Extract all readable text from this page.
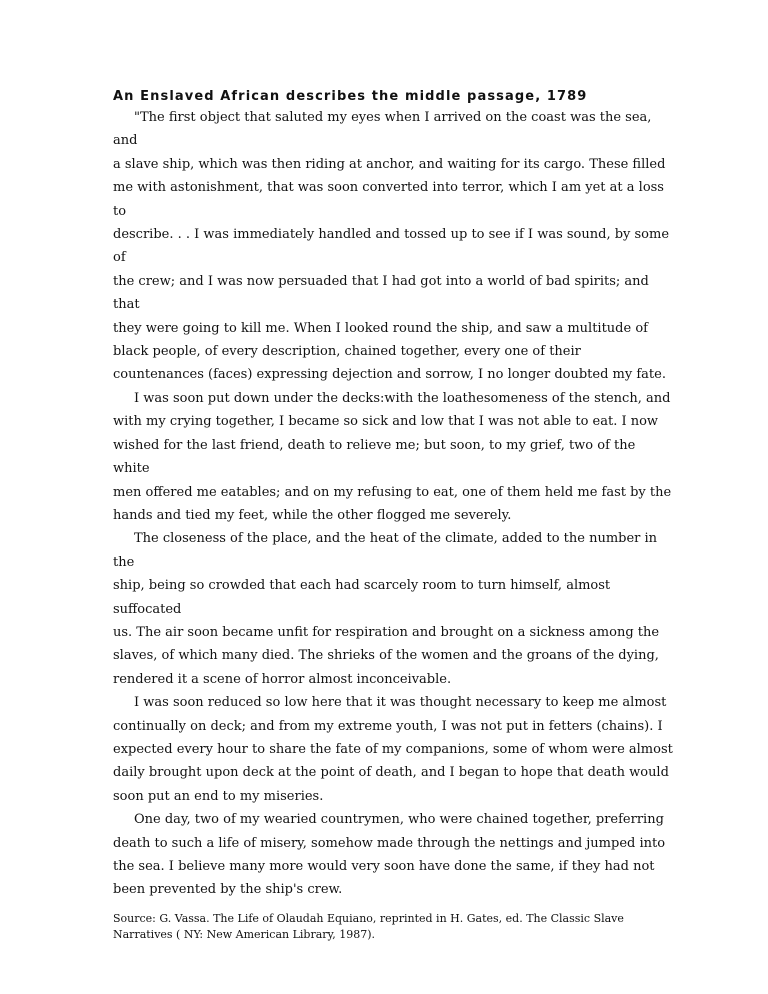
An Enslaved African describes the middle passage, 1789

"The first object that saluted my eyes when I arrived on the coast was the sea, and
a slave ship, which was then riding at anchor, and waiting for its cargo. These filled
me with astonishment, that was soon converted into terror, which I am yet at a loss to
describe. . . I was immediately handled and tossed up to see if I was sound, by some of
the crew; and I was now persuaded that I had got into a world of bad spirits; and that
they were going to kill me. When I looked round the ship, and saw a multitude of
black people, of every description, chained together, every one of their
countenances (faces) expressing dejection and sorrow, I no longer doubted my fate.

I was soon put down under the decks:with the loathesomeness of the stench, and
with my crying together, I became so sick and low that I was not able to eat. I now
wished for the last friend, death to relieve me; but soon, to my grief, two of the white
men offered me eatables; and on my refusing to eat, one of them held me fast by the
hands and tied my feet, while the other flogged me severely.

The closeness of the place, and the heat of the climate, added to the number in the
ship, being so crowded that each had scarcely room to turn himself, almost suffocated
us. The air soon became unfit for respiration and brought on a sickness among the
slaves, of which many died. The shrieks of the women and the groans of the dying,
rendered it a scene of horror almost inconceivable.

I was soon reduced so low here that it was thought necessary to keep me almost
continually on deck; and from my extreme youth, I was not put in fetters (chains). I
expected every hour to share the fate of my companions, some of whom were almost
daily brought upon deck at the point of death, and I began to hope that death would
soon put an end to my miseries.

One day, two of my wearied countrymen, who were chained together, preferring
death to such a life of misery, somehow made through the nettings and jumped into
the sea. I believe many more would very soon have done the same, if they had not
been prevented by the ship's crew.

Source: G. Vassa. The Life of Olaudah Equiano, reprinted in H. Gates, ed. The Classic Slave
Narratives ( NY: New American Library, 1987).
